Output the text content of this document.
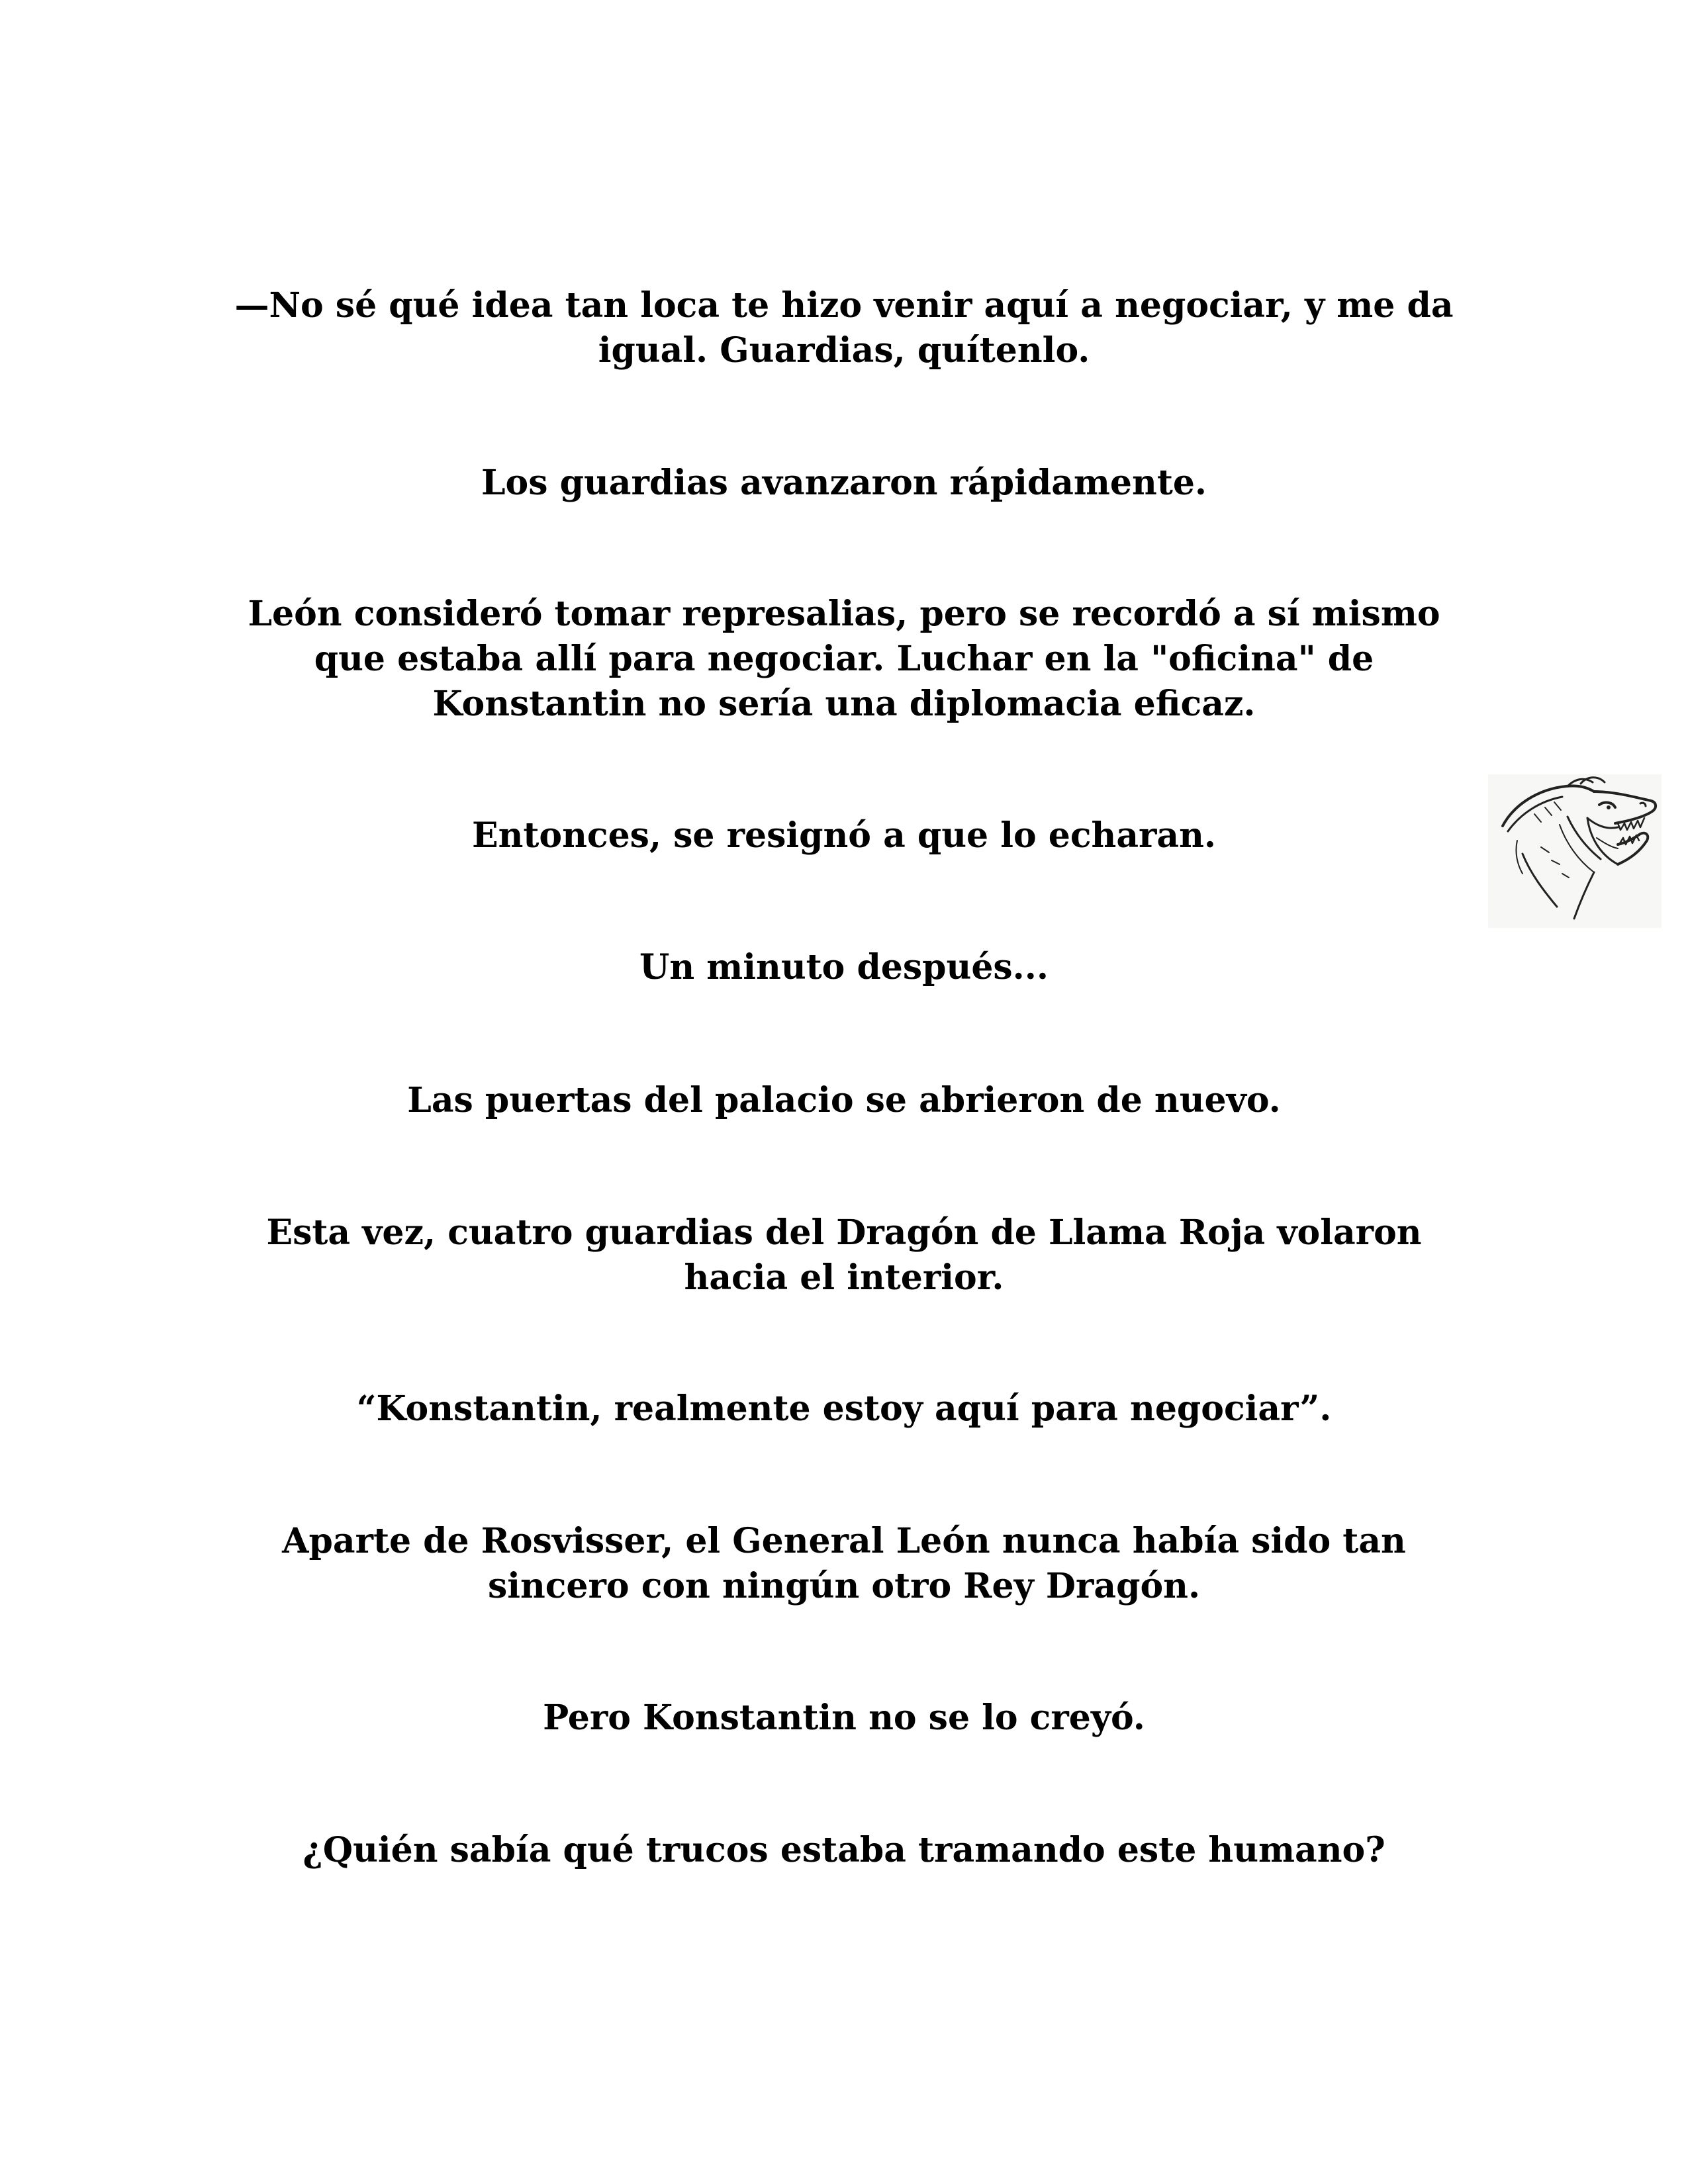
—No sé qué idea tan loca te hizo venir aquí a negociar, y me da
igual. Guardias, quítenlo.

Los guardias avanzaron rápidamente.

León consideró tomar represalias, pero se recordó a sí mismo
que estaba allí para negociar. Luchar en la "oficina" de
Konstantin no sería una diplomacia eficaz.

Entonces, se resignó a que lo echaran.

Un minuto después...

Las puertas del palacio se abrieron de nuevo.

Esta vez, cuatro guardias del Dragón de Llama Roja volaron
hacia el interior.

“Konstantin, realmente estoy aquí para negociar”.

Aparte de Rosvisser, el General León nunca había sido tan
sincero con ningún otro Rey Dragón.

Pero Konstantin no se lo creyó.

¿Quién sabía qué trucos estaba tramando este humano?
